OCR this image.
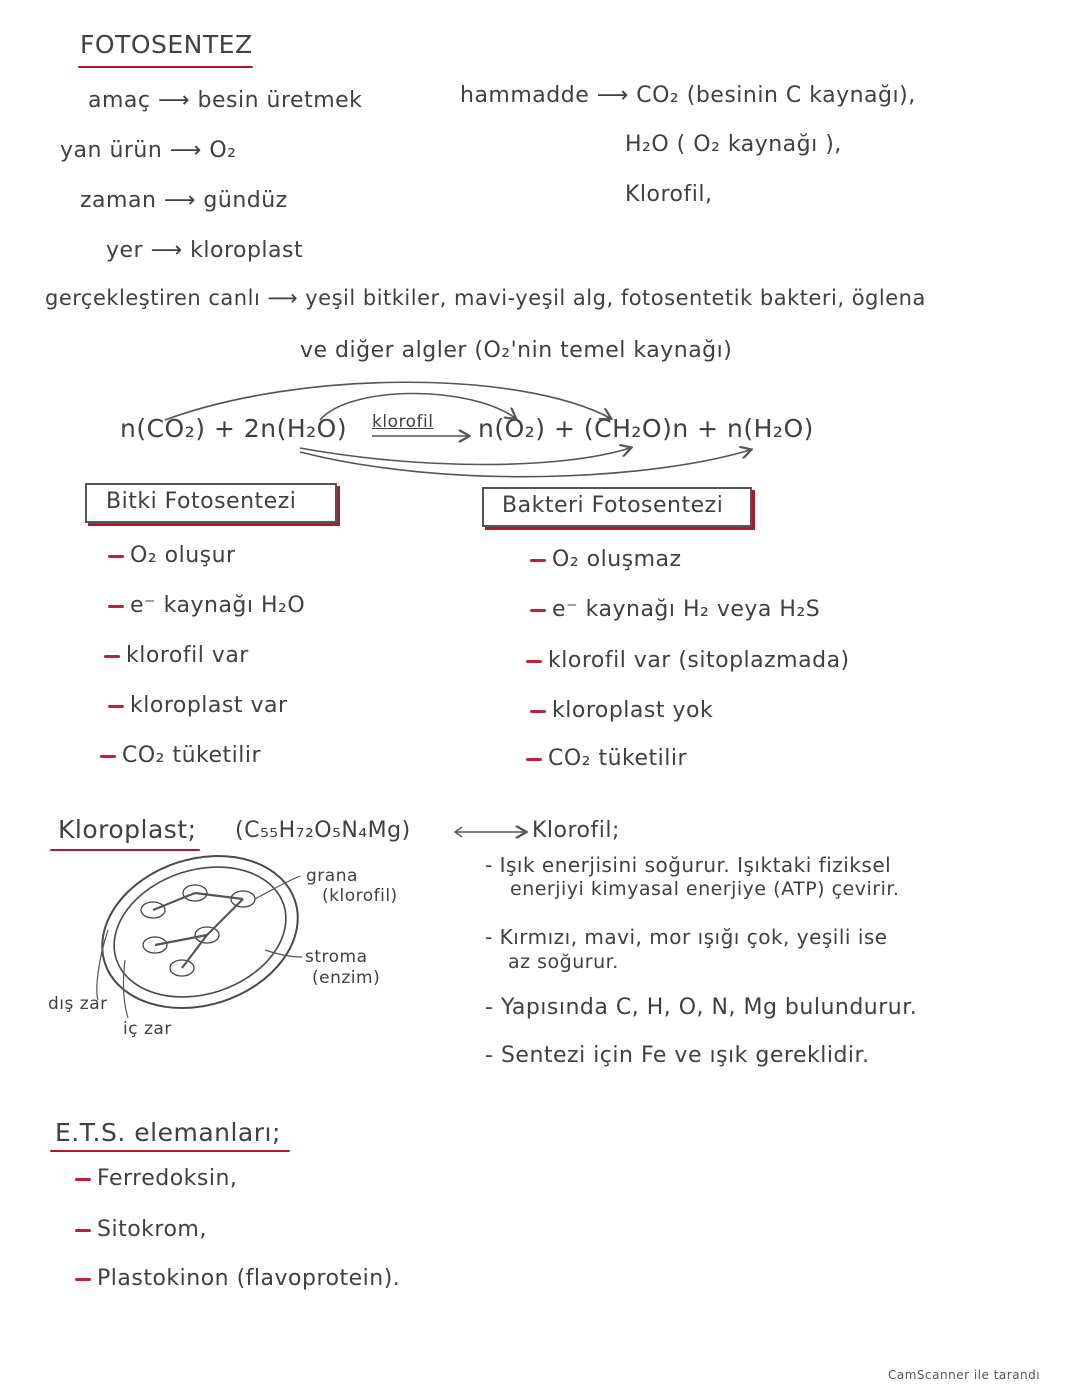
FOTOSENTEZ
amaç ⟶ besin üretmek
yan ürün ⟶ O₂
zaman ⟶ gündüz
yer ⟶ kloroplast
hammadde ⟶ CO₂ (besinin C kaynağı),
H₂O ( O₂ kaynağı ),
Klorofil,
gerçekleştiren canlı ⟶ yeşil bitkiler, mavi-yeşil alg, fotosentetik bakteri, öglena
ve diğer algler (O₂'nin temel kaynağı)
n(CO₂) + 2n(H₂O) klorofil n(O₂) + (CH₂O)n + n(H₂O)
Bitki Fotosentezi
O₂ oluşur
e⁻ kaynağı H₂O
klorofil var
kloroplast var
CO₂ tüketilir
Bakteri Fotosentezi
O₂ oluşmaz
e⁻ kaynağı H₂ veya H₂S
klorofil var (sitoplazmada)
kloroplast yok
CO₂ tüketilir
Kloroplast; (C₅₅H₇₂O₅N₄Mg)	Klorofil;
grana
(klorofil)
stroma
(enzim)
dış zar
iç zar
- Işık enerjisini soğurur. Işıktaki fiziksel
enerjiyi kimyasal enerjiye (ATP) çevirir.
- Kırmızı, mavi, mor ışığı çok, yeşili ise
az soğurur.
- Yapısında C, H, O, N, Mg bulundurur.
- Sentezi için Fe ve ışık gereklidir.
E.T.S. elemanları;
Ferredoksin,
Sitokrom,
Plastokinon (flavoprotein).
CamScanner ile tarandı
